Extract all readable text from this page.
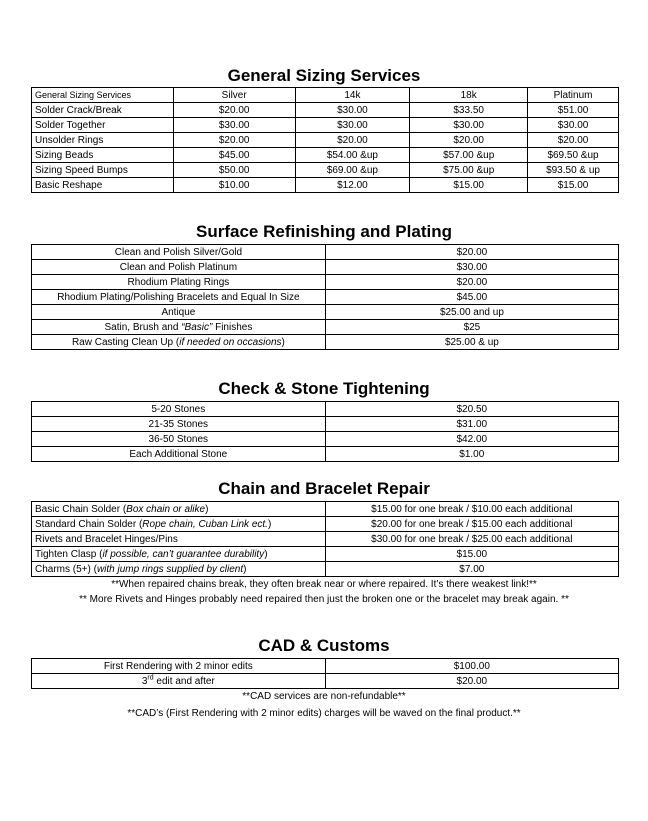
General Sizing Services
General Sizing Services	Silver	14k	18k	Platinum
Solder Crack/Break	$20.00	$30.00	$33.50	$51.00
Solder Together	$30.00	$30.00	$30.00	$30.00
Unsolder Rings	$20.00	$20.00	$20.00	$20.00
Sizing Beads	$45.00	$54.00 &up	$57.00 &up	$69.50 &up
Sizing Speed Bumps	$50.00	$69.00 &up	$75.00 &up	$93.50 & up
Basic Reshape	$10.00	$12.00	$15.00	$15.00
Surface Refinishing and Plating
Clean and Polish Silver/Gold	$20.00
Clean and Polish Platinum	$30.00
Rhodium Plating Rings	$20.00
Rhodium Plating/Polishing Bracelets and Equal In Size	$45.00
Antique	$25.00 and up
Satin, Brush and “Basic” Finishes	$25
Raw Casting Clean Up (if needed on occasions)	$25.00 & up
Check & Stone Tightening
5-20 Stones	$20.50
21-35 Stones	$31.00
36-50 Stones	$42.00
Each Additional Stone	$1.00
Chain and Bracelet Repair
Basic Chain Solder (Box chain or alike)	$15.00 for one break / $10.00 each additional
Standard Chain Solder (Rope chain, Cuban Link ect.)	$20.00 for one break / $15.00 each additional
Rivets and Bracelet Hinges/Pins	$30.00 for one break / $25.00 each additional
Tighten Clasp (if possible, can’t guarantee durability)	$15.00
Charms (5+) (with jump rings supplied by client)	$7.00
**When repaired chains break, they often break near or where repaired. It’s there weakest link!**
** More Rivets and Hinges probably need repaired then just the broken one or the bracelet may break again. **
CAD & Customs
First Rendering with 2 minor edits	$100.00
3rd edit and after	$20.00
**CAD services are non-refundable**
**CAD’s (First Rendering with 2 minor edits) charges will be waved on the final product.**
